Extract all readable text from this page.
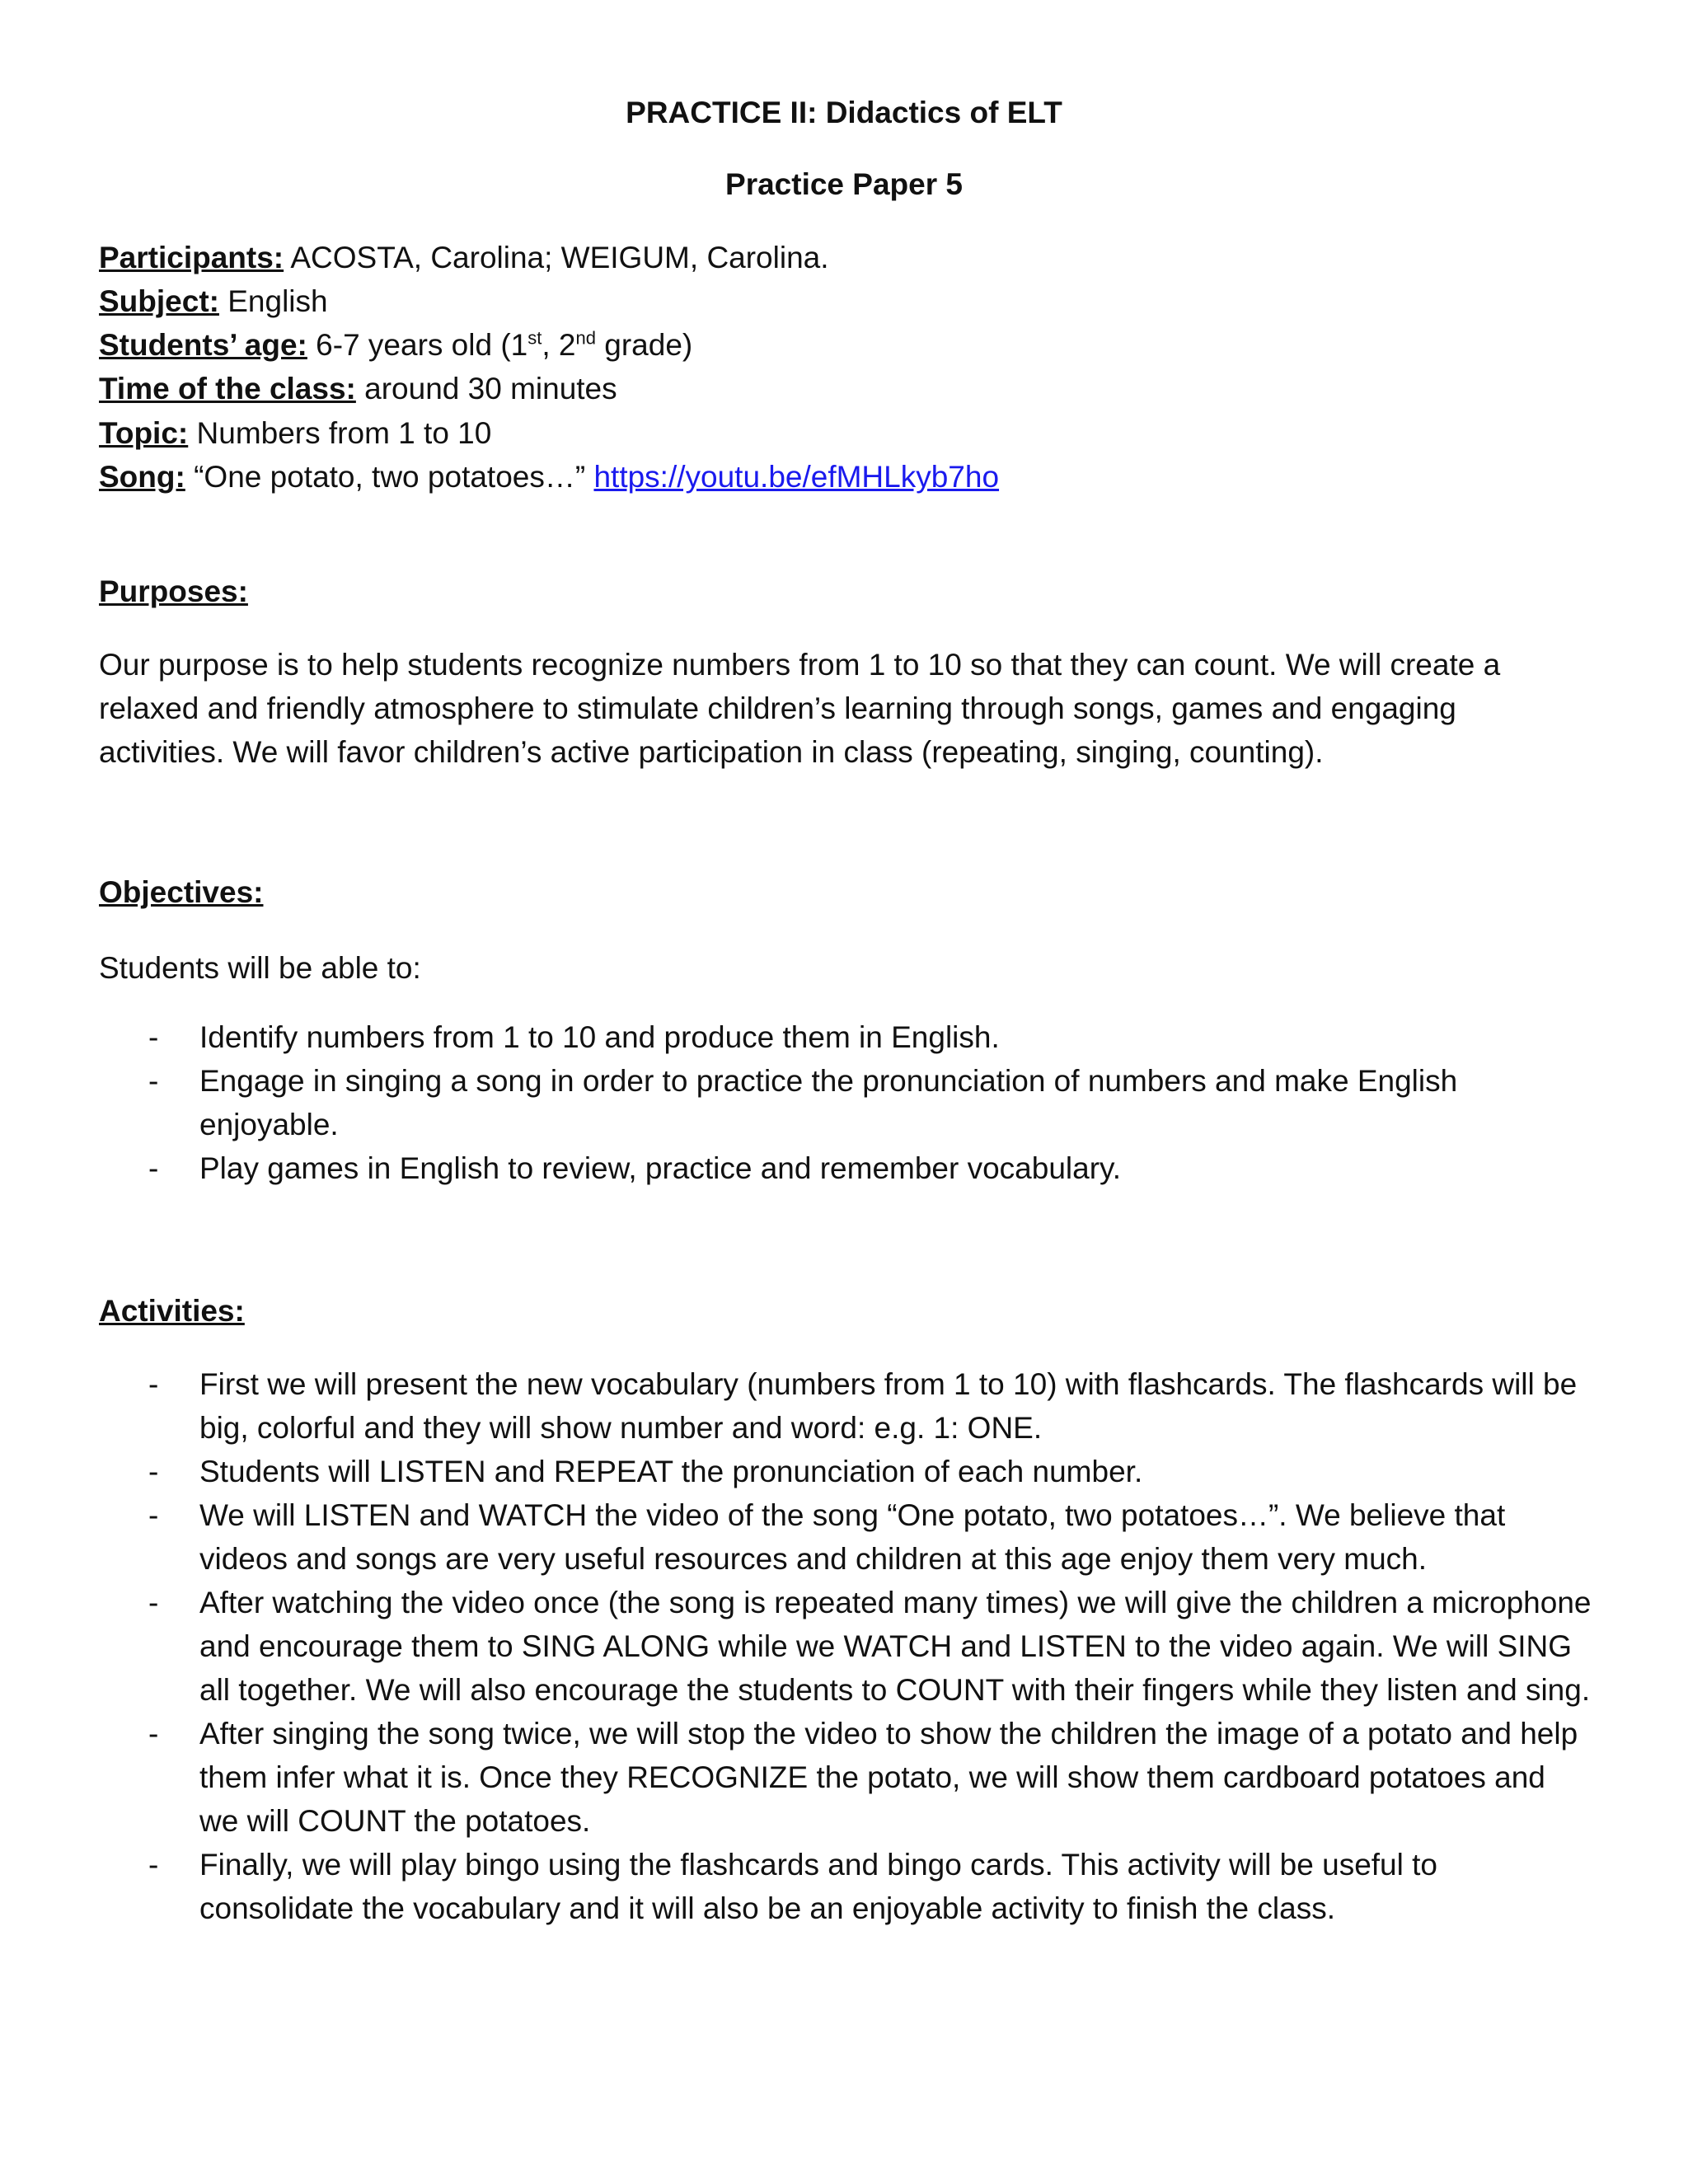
PRACTICE II: Didactics of ELT
Practice Paper 5
Participants: ACOSTA, Carolina; WEIGUM, Carolina.
Subject: English
Students’ age: 6-7 years old (1st, 2nd grade)
Time of the class: around 30 minutes
Topic: Numbers from 1 to 10
Song: “One potato, two potatoes…” https://youtu.be/efMHLkyb7ho
Purposes:
Our purpose is to help students recognize numbers from 1 to 10 so that they can count. We will create a relaxed and friendly atmosphere to stimulate children’s learning through songs, games and engaging activities. We will favor children’s active participation in class (repeating, singing, counting).
Objectives:
Students will be able to:
- Identify numbers from 1 to 10 and produce them in English.
- Engage in singing a song in order to practice the pronunciation of numbers and make English enjoyable.
- Play games in English to review, practice and remember vocabulary.
Activities:
- First we will present the new vocabulary (numbers from 1 to 10) with flashcards. The flashcards will be big, colorful and they will show number and word: e.g. 1: ONE.
- Students will LISTEN and REPEAT the pronunciation of each number.
- We will LISTEN and WATCH the video of the song “One potato, two potatoes…”. We believe that videos and songs are very useful resources and children at this age enjoy them very much.
- After watching the video once (the song is repeated many times) we will give the children a microphone and encourage them to SING ALONG while we WATCH and LISTEN to the video again. We will SING all together. We will also encourage the students to COUNT with their fingers while they listen and sing.
- After singing the song twice, we will stop the video to show the children the image of a potato and help them infer what it is. Once they RECOGNIZE the potato, we will show them cardboard potatoes and we will COUNT the potatoes.
- Finally, we will play bingo using the flashcards and bingo cards. This activity will be useful to consolidate the vocabulary and it will also be an enjoyable activity to finish the class.
